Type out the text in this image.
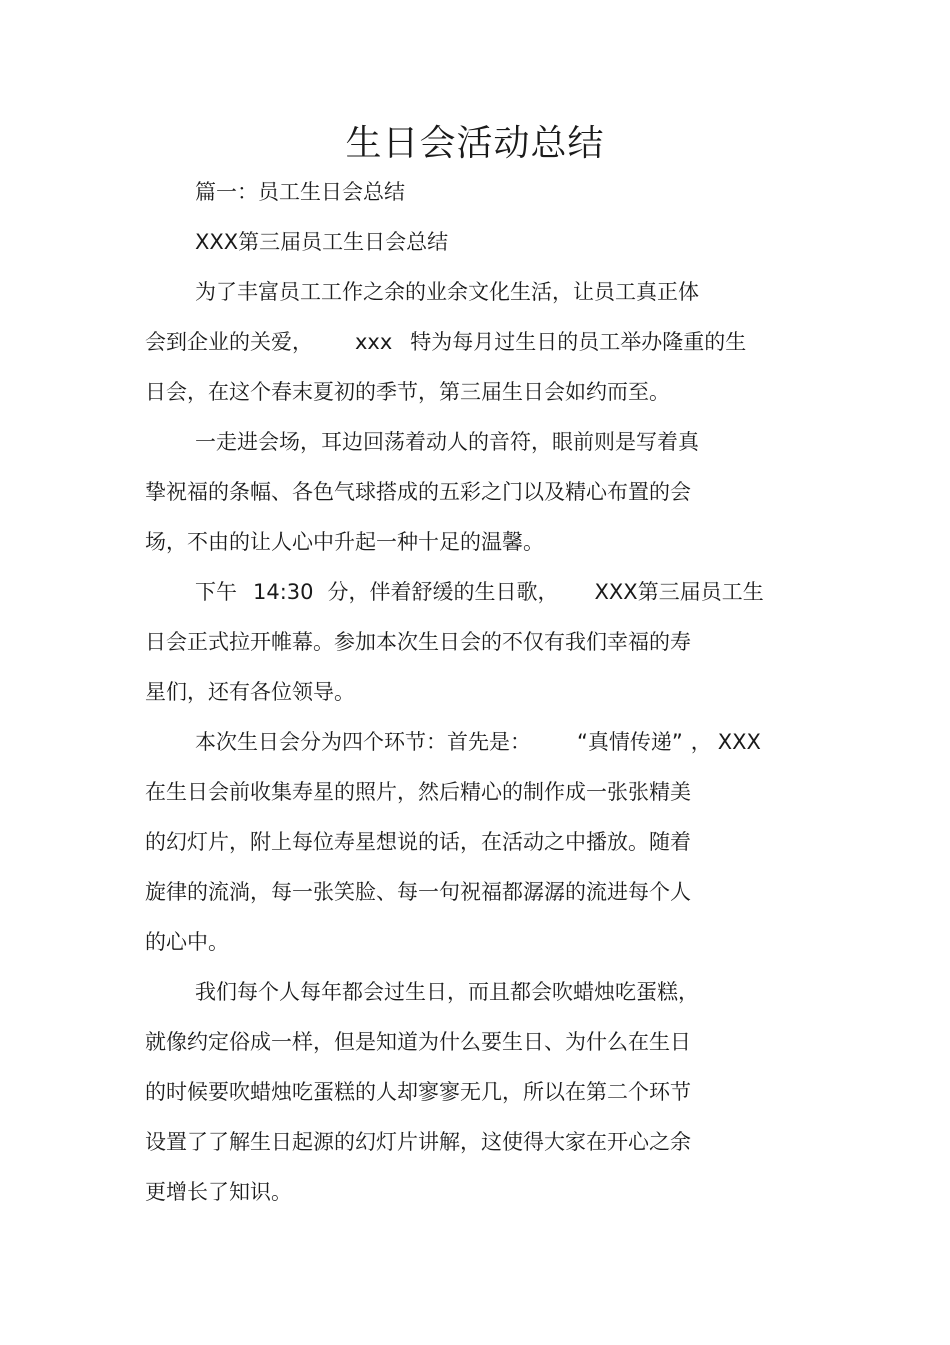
生日会活动总结
篇一：员工生日会总结
XXX第三届员工生日会总结
为了丰富员工工作之余的业余文化生活，让员工真正体
会到企业的关爱， xxx 特为每月过生日的员工举办隆重的生
日会，在这个春末夏初的季节，第三届生日会如约而至。
一走进会场，耳边回荡着动人的音符，眼前则是写着真
挚祝福的条幅、各色气球搭成的五彩之门以及精心布置的会
场，不由的让人心中升起一种十足的温馨。
下午 14:30 分，伴着舒缓的生日歌， XXX第三届员工生
日会正式拉开帷幕。参加本次生日会的不仅有我们幸福的寿
星们，还有各位领导。
本次生日会分为四个环节：首先是： “真情传递” ， XXX
在生日会前收集寿星的照片，然后精心的制作成一张张精美
的幻灯片，附上每位寿星想说的话，在活动之中播放。随着
旋律的流淌，每一张笑脸、每一句祝福都潺潺的流进每个人
的心中。
我们每个人每年都会过生日，而且都会吹蜡烛吃蛋糕，
就像约定俗成一样，但是知道为什么要生日、为什么在生日
的时候要吹蜡烛吃蛋糕的人却寥寥无几，所以在第二个环节
设置了了解生日起源的幻灯片讲解，这使得大家在开心之余
更增长了知识。
